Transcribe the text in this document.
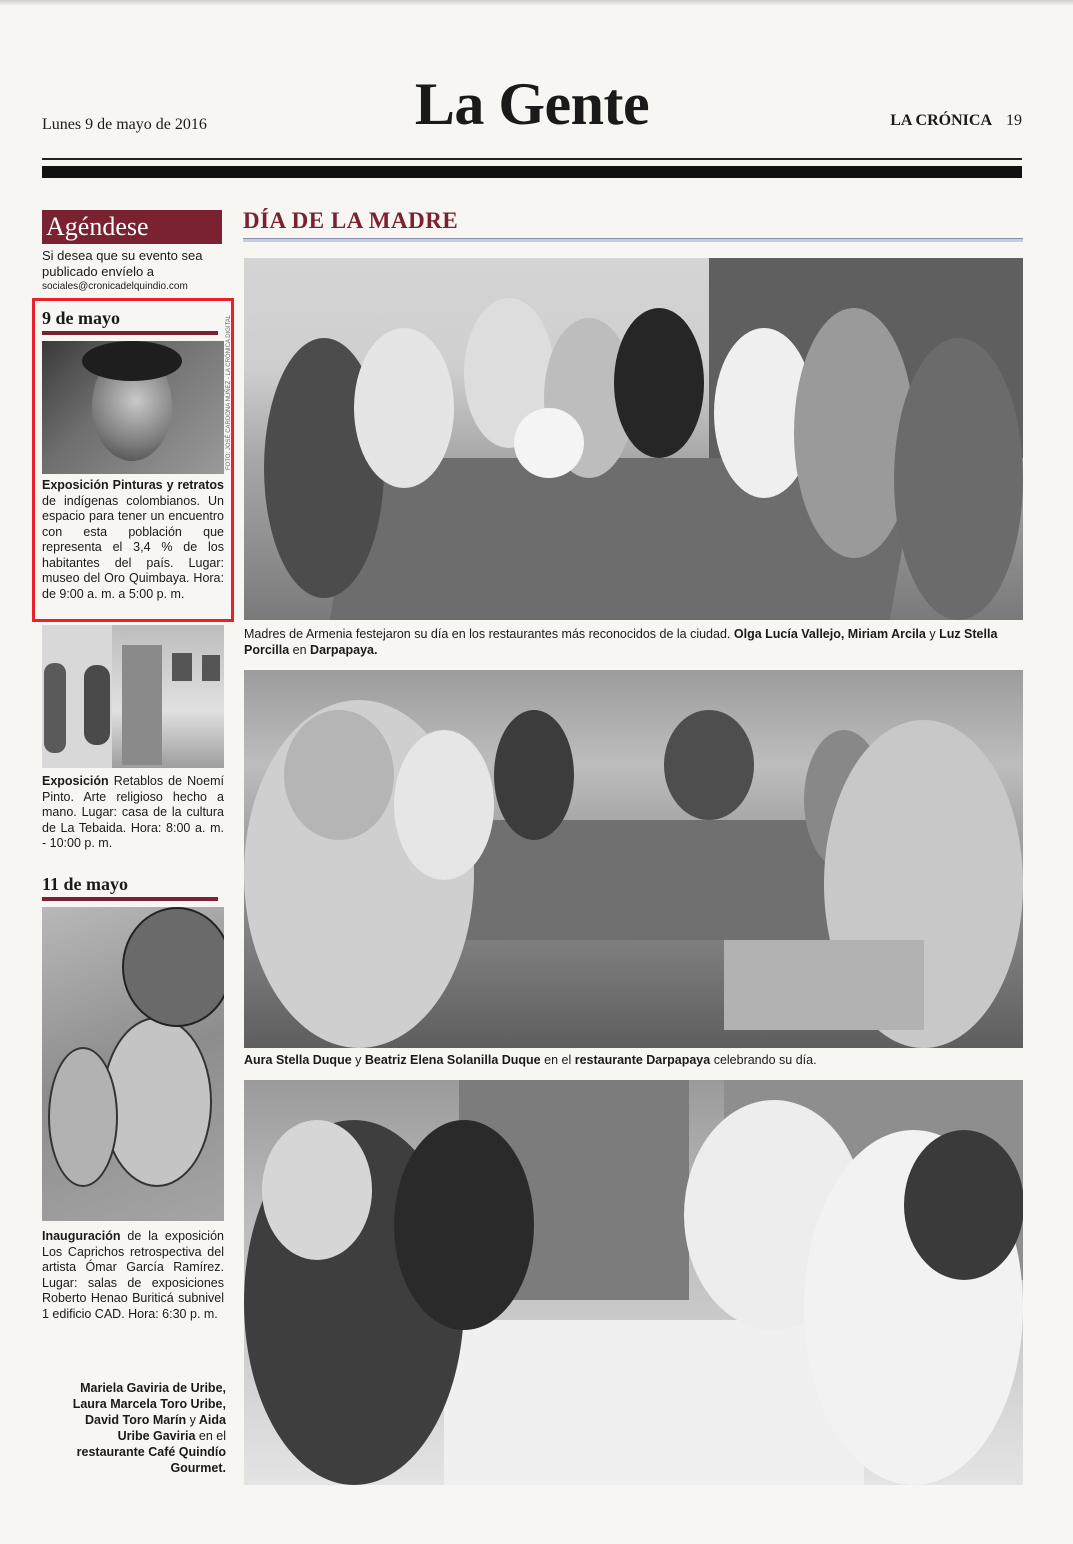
Lunes 9 de mayo de 2016	La Gente	LA CRÓNICA 19
Agéndese
Si desea que su evento sea publicado envíelo a
sociales@cronicadelquindio.com
9 de mayo
Exposición Pinturas y retratos de indígenas colombianos. Un espacio para tener un encuentro con esta población que representa el 3,4 % de los habitantes del país. Lugar: museo del Oro Quimbaya. Hora: de 9:00 a. m. a 5:00 p. m.
FOTO: JOSÉ CARDONA NÚÑEZ - LA CRÓNICA DIGITAL
Exposición Retablos de Noemí Pinto. Arte religioso hecho a mano. Lugar: casa de la cultura de La Tebaida. Hora: 8:00 a. m. - 10:00 p. m.
11 de mayo
Inauguración de la exposición Los Caprichos retrospectiva del artista Ómar García Ramírez. Lugar: salas de exposiciones Roberto Henao Buriticá subnivel 1 edificio CAD. Hora: 6:30 p. m.
Mariela Gaviria de Uribe, Laura Marcela Toro Uribe, David Toro Marín y Aida Uribe Gaviria en el restaurante Café Quindío Gourmet.
DÍA DE LA MADRE
Madres de Armenia festejaron su día en los restaurantes más reconocidos de la ciudad. Olga Lucía Vallejo, Miriam Arcila y Luz Stella Porcilla en Darpapaya.
Aura Stella Duque y Beatriz Elena Solanilla Duque en el restaurante Darpapaya celebrando su día.
